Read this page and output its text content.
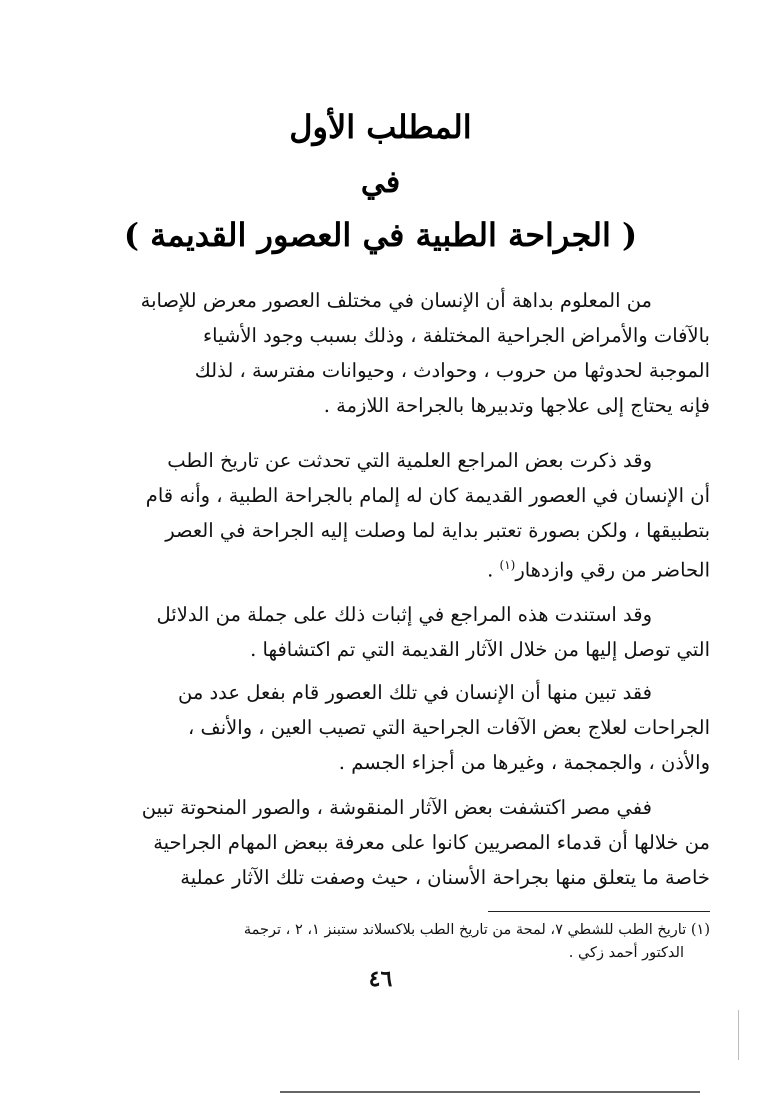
المطلب الأول
في
( الجراحة الطبية في العصور القديمة )
من المعلوم بداهة أن الإنسان في مختلف العصور معرض للإصابة
بالآفات والأمراض الجراحية المختلفة ، وذلك بسبب وجود الأشياء
الموجبة لحدوثها من حروب ، وحوادث ، وحيوانات مفترسة ، لذلك
فإنه يحتاج إلى علاجها وتدبيرها بالجراحة اللازمة .
وقد ذكرت بعض المراجع العلمية التي تحدثت عن تاريخ الطب
أن الإنسان في العصور القديمة كان له إلمام بالجراحة الطبية ، وأنه قام
بتطبيقها ، ولكن بصورة تعتبر بداية لما وصلت إليه الجراحة في العصر
الحاضر من رقي وازدهار$^{(١)}$ .
وقد استندت هذه المراجع في إثبات ذلك على جملة من الدلائل
التي توصل إليها من خلال الآثار القديمة التي تم اكتشافها .
فقد تبين منها أن الإنسان في تلك العصور قام بفعل عدد من
الجراحات لعلاج بعض الآفات الجراحية التي تصيب العين ، والأنف ،
والأذن ، والجمجمة ، وغيرها من أجزاء الجسم .
ففي مصر اكتشفت بعض الآثار المنقوشة ، والصور المنحوتة تبين
من خلالها أن قدماء المصريين كانوا على معرفة ببعض المهام الجراحية
خاصة ما يتعلق منها بجراحة الأسنان ، حيث وصفت تلك الآثار عملية
(١) تاريخ الطب للشطي ٧، لمحة من تاريخ الطب بلاكسلاند ستبنز ١، ٢ ، ترجمة
الدكتور أحمد زكي .
٤٦
